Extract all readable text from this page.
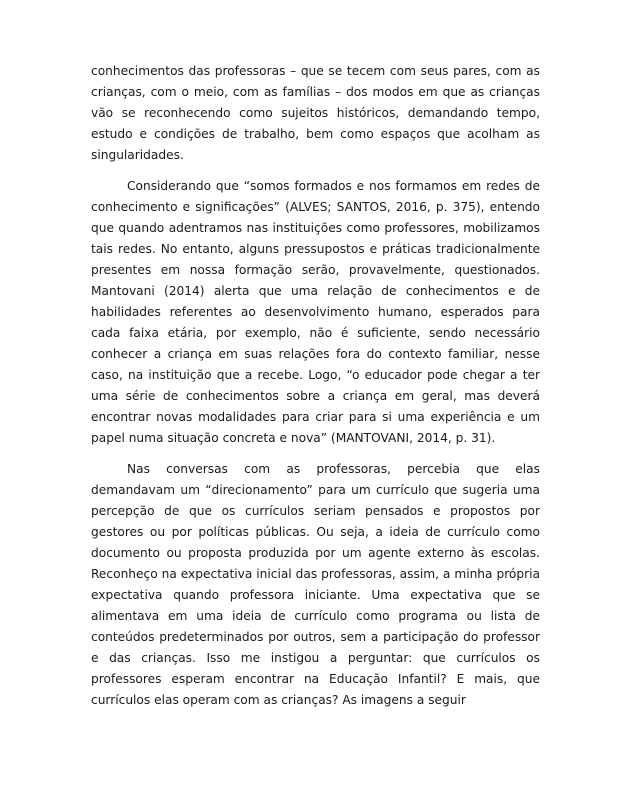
conhecimentos das professoras – que se tecem com seus pares, com as crianças, com o meio, com as famílias – dos modos em que as crianças vão se reconhecendo como sujeitos históricos, demandando tempo, estudo e condições de trabalho, bem como espaços que acolham as singularidades.

Considerando que “somos formados e nos formamos em redes de conhecimento e significações” (ALVES; SANTOS, 2016, p. 375), entendo que quando adentramos nas instituições como professores, mobilizamos tais redes. No entanto, alguns pressupostos e práticas tradicionalmente presentes em nossa formação serão, provavelmente, questionados. Mantovani (2014) alerta que uma relação de conhecimentos e de habilidades referentes ao desenvolvimento humano, esperados para cada faixa etária, por exemplo, não é suficiente, sendo necessário conhecer a criança em suas relações fora do contexto familiar, nesse caso, na instituição que a recebe. Logo, “o educador pode chegar a ter uma série de conhecimentos sobre a criança em geral, mas deverá encontrar novas modalidades para criar para si uma experiência e um papel numa situação concreta e nova” (MANTOVANI, 2014, p. 31).

Nas conversas com as professoras, percebia que elas demandavam um “direcionamento” para um currículo que sugeria uma percepção de que os currículos seriam pensados e propostos por gestores ou por políticas públicas. Ou seja, a ideia de currículo como documento ou proposta produzida por um agente externo às escolas. Reconheço na expectativa inicial das professoras, assim, a minha própria expectativa quando professora iniciante. Uma expectativa que se alimentava em uma ideia de currículo como programa ou lista de conteúdos predeterminados por outros, sem a participação do professor e das crianças. Isso me instigou a perguntar: que currículos os professores esperam encontrar na Educação Infantil? E mais, que currículos elas operam com as crianças? As imagens a seguir
